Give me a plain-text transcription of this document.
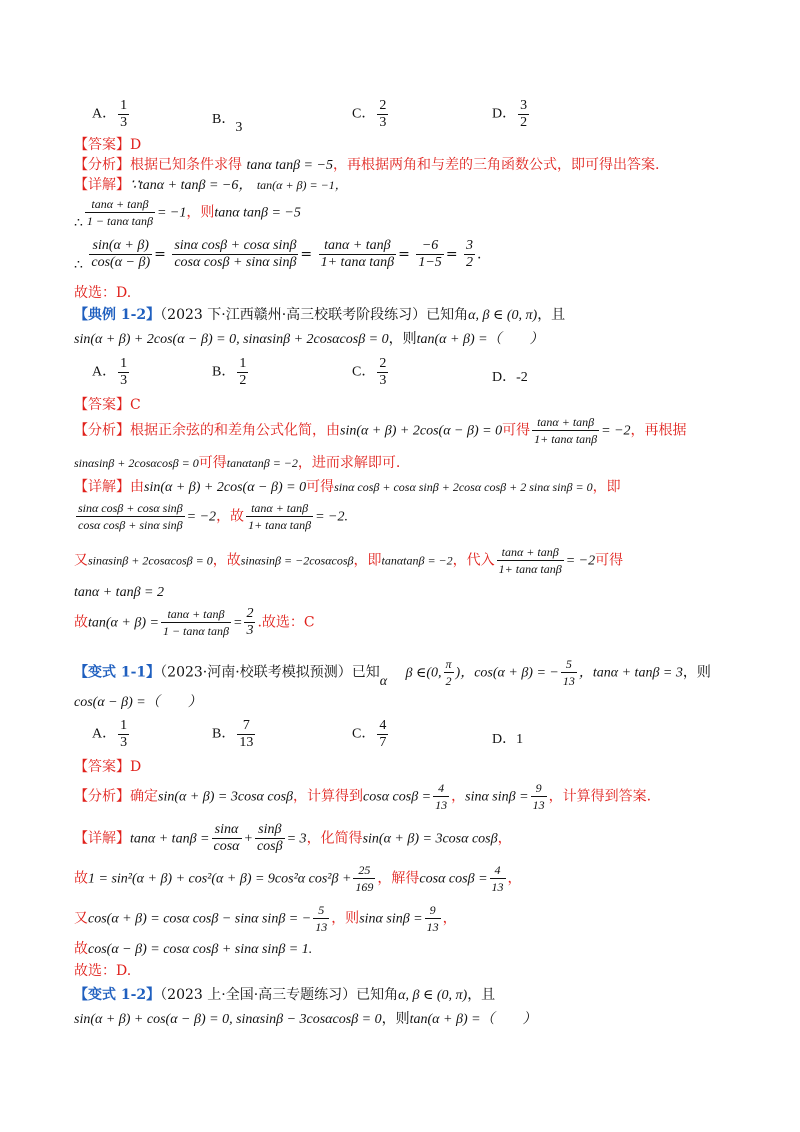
A． $\frac{1}{3}$	B．3
C． $\frac{2}{3}$	D． $\frac{3}{2}$
【答案】D
【分析】根据已知条件求得 tanα tanβ = −5，再根据两角和与差的三角函数公式，即可得出答案.
【详解】∵tanα + tanβ = −6， tan(α + β) = −1，
∴ $\frac{\tan\alpha + \tan\beta}{\text{1 − tanα tanβ}} = -1$，则tanα tanβ = −5
∴ $\frac{\sin(\alpha + \beta)}{\cos(\alpha - \beta)} = \frac{\text{sinα cosβ + cosα sinβ}}{\text{cosα cosβ + sinα sinβ}} = \frac{\tan\alpha + \tan\beta}{\text{1+ tanα tanβ}} = \frac{-6}{1-5} = \frac{3}{2}$ .
故选：D.
【典例 1-2】（2023 下·江西赣州·高三校联考阶段练习）已知角α, β ∈ (0, π)，且
sin(α + β) + 2cos(α − β) = 0, sinαsinβ + 2cosαcosβ = 0，则tan(α + β) =（　　）
A． $\frac{1}{3}$	B． $\frac{1}{2}$	C． $\frac{2}{3}$	D．-2
【答案】C
【分析】根据正余弦的和差角公式化简，由sin(α + β) + 2cos(α − β) = 0可得 $\frac{\tan\alpha + \tan\beta}{\text{1+ tanα tanβ}} = -2$，再根据
sinαsinβ + 2cosαcosβ = 0可得tanαtanβ = −2，进而求解即可.
【详解】由sin(α + β) + 2cos(α − β) = 0可得sinα cosβ + cosα sinβ + 2cosα cosβ + 2 sinα sinβ = 0，即
$\frac{\text{sinα cosβ + cosα sinβ}}{\text{cosα cosβ + sinα sinβ}} = -2$，故 $\frac{\tan\alpha + \tan\beta}{\text{1+ tanα tanβ}} = -2$.
又sinαsinβ + 2cosαcosβ = 0，故sinαsinβ = −2cosαcosβ，即tanαtanβ = −2，代入 $\frac{\tan\alpha + \tan\beta}{\text{1+ tanα tanβ}} = -2$可得
tanα + tanβ = 2
故$\tan(\alpha + \beta) = \frac{\tan\alpha + \tan\beta}{\text{1 − tanα tanβ}} = \frac{2}{3}$ .故选：C
【变式 1-1】（2023·河南·校联考模拟预测）已知α β ∈(0, $\frac{\pi}{2}$ )，cos(α + β) = − $\frac{5}{13}$ ，tanα + tanβ = 3，则
cos(α − β) =（　　）
A． $\frac{1}{3}$	B． $\frac{7}{13}$	C． $\frac{4}{7}$	D．1
【答案】D
【分析】确定sin(α + β) = 3cosα cosβ，计算得到cosα $\cos\beta = \frac{4}{13}$ ，sinα $\sin\beta = \frac{9}{13}$ ，计算得到答案.
【详解】$\tan\alpha + \tan\beta = \frac{\sin\alpha}{\cos\alpha} + \frac{\sin\beta}{\cos\beta} = 3$，化简得sin(α + β) = 3cosα cosβ，
故1 = sin²(α + β) + cos²(α + β) = 9cos²α $\cos^2\beta + \frac{25}{169}$ ，解得cosα $\cos\beta = \frac{4}{13}$ ，
又cos(α + β) = cosα cosβ − sinα sinβ = − $\frac{5}{13}$ ，则sinα $\sin\beta = \frac{9}{13}$ ，
故cos(α − β) = cosα cosβ + sinα sinβ = 1.
故选：D.
【变式 1-2】（2023 上·全国·高三专题练习）已知角α, β ∈ (0, π)，且
sin(α + β) + cos(α − β) = 0, sinαsinβ − 3cosαcosβ = 0，则tan(α + β) =（　　）
